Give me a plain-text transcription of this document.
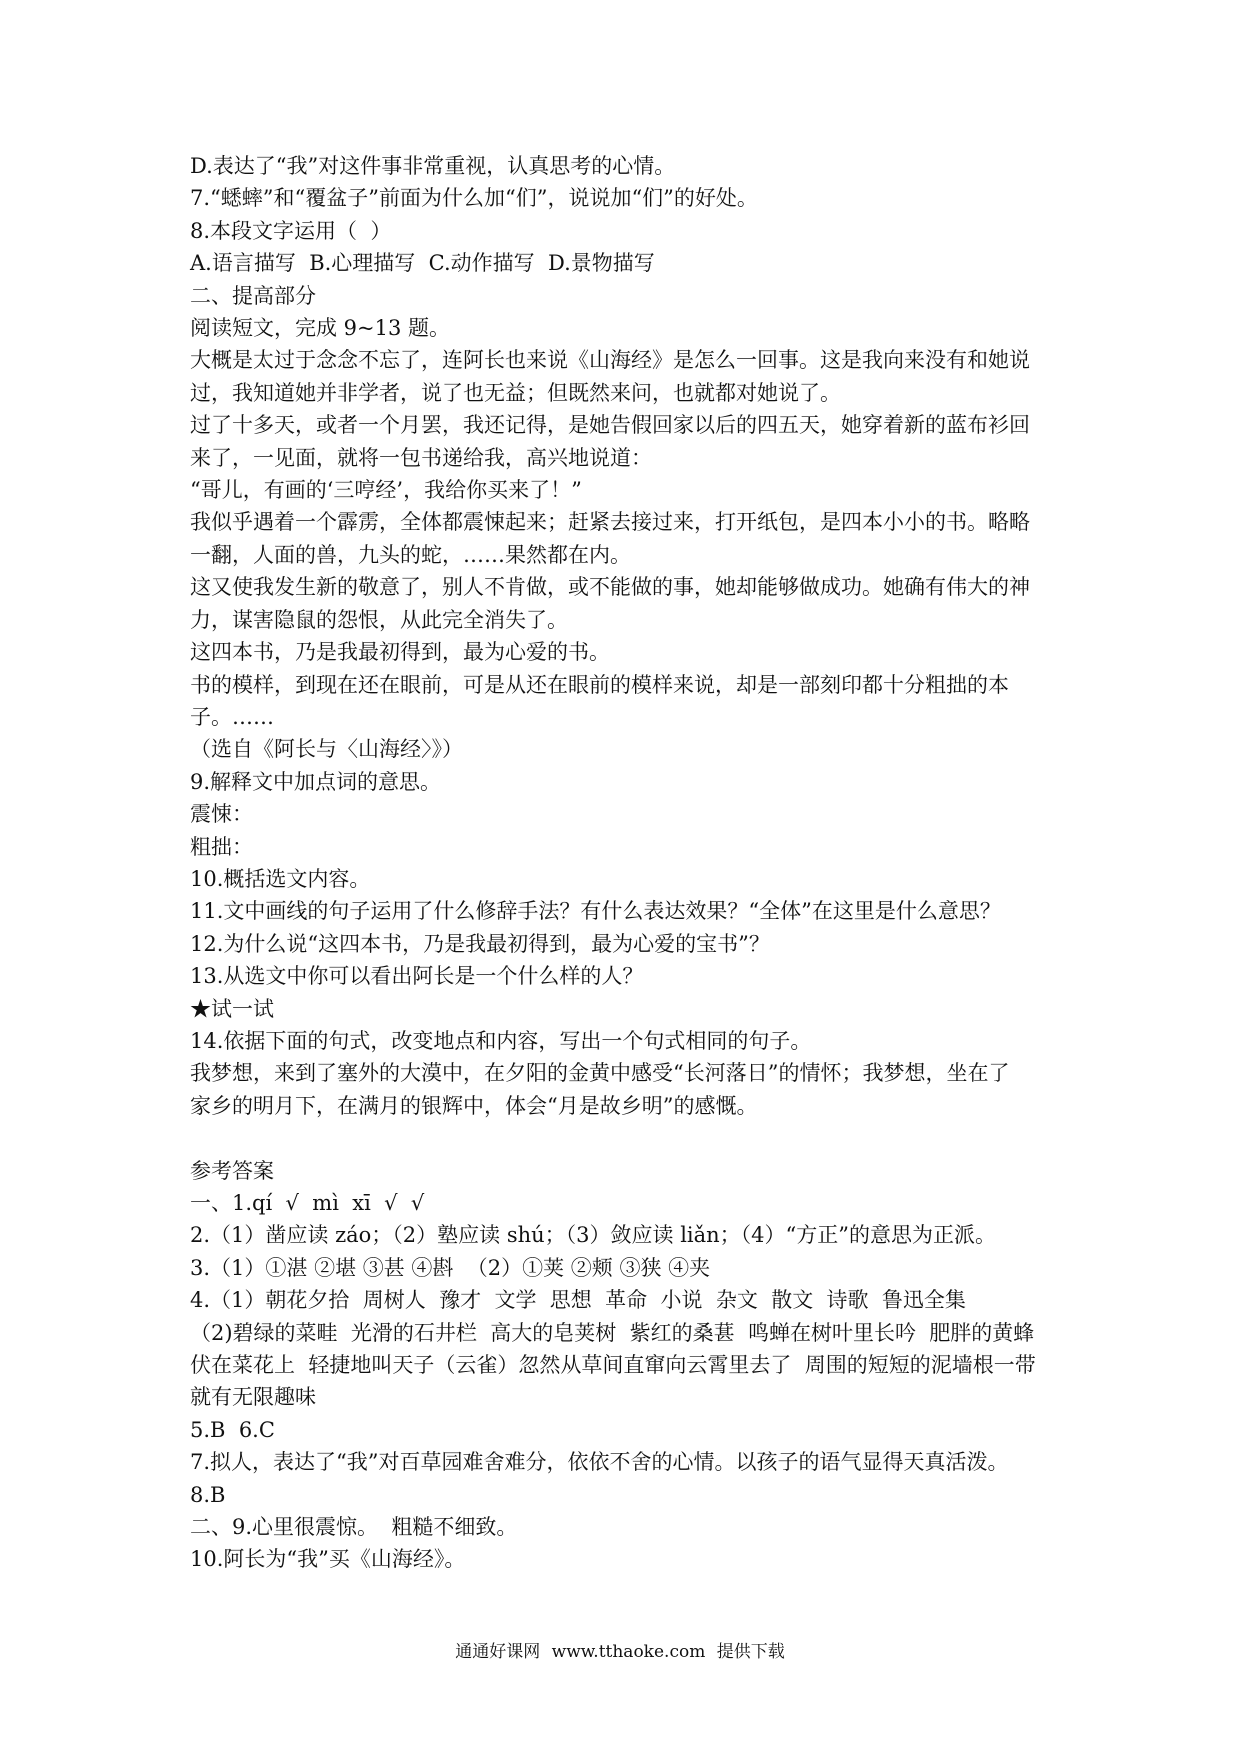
D.表达了“我”对这件事非常重视，认真思考的心情。

7.“蟋蟀”和“覆盆子”前面为什么加“们”，说说加“们”的好处。

8.本段文字运用（  ）

A.语言描写  B.心理描写  C.动作描写  D.景物描写

二、提高部分

阅读短文，完成 9~13 题。

大概是太过于念念不忘了，连阿长也来说《山海经》是怎么一回事。这是我向来没有和她说

过，我知道她并非学者，说了也无益；但既然来问，也就都对她说了。

过了十多天，或者一个月罢，我还记得，是她告假回家以后的四五天，她穿着新的蓝布衫回

来了，一见面，就将一包书递给我，高兴地说道：

“哥儿，有画的‘三哼经’，我给你买来了！”

我似乎遇着一个霹雳，全体都震悚起来；赶紧去接过来，打开纸包，是四本小小的书。略略

一翻，人面的兽，九头的蛇，……果然都在内。

这又使我发生新的敬意了，别人不肯做，或不能做的事，她却能够做成功。她确有伟大的神

力，谋害隐鼠的怨恨，从此完全消失了。

这四本书，乃是我最初得到，最为心爱的书。

书的模样，到现在还在眼前，可是从还在眼前的模样来说，却是一部刻印都十分粗拙的本

子。……

（选自《阿长与〈山海经〉》）

9.解释文中加点词的意思。

震悚：

粗拙：

10.概括选文内容。

11.文中画线的句子运用了什么修辞手法？有什么表达效果？“全体”在这里是什么意思？

12.为什么说“这四本书，乃是我最初得到，最为心爱的宝书”？

13.从选文中你可以看出阿长是一个什么样的人？

★试一试

14.依据下面的句式，改变地点和内容，写出一个句式相同的句子。

我梦想，来到了塞外的大漠中，在夕阳的金黄中感受“长河落日”的情怀；我梦想，坐在了

家乡的明月下，在满月的银辉中，体会“月是故乡明”的感慨。

参考答案

一、1.qí  √  mì  xī  √  √

2.（1）凿应读 záo；（2）塾应读 shú；（3）敛应读 liǎn；（4）“方正”的意思为正派。

3.（1）①湛 ②堪 ③甚 ④斟  （2）①荚 ②颊 ③狭 ④夹

4.（1）朝花夕拾  周树人  豫才  文学  思想  革命  小说  杂文  散文  诗歌  鲁迅全集

（2)碧绿的菜畦  光滑的石井栏  高大的皂荚树  紫红的桑葚  鸣蝉在树叶里长吟  肥胖的黄蜂

伏在菜花上  轻捷地叫天子（云雀）忽然从草间直窜向云霄里去了  周围的短短的泥墙根一带

就有无限趣味

5.B  6.C

7.拟人，表达了“我”对百草园难舍难分，依依不舍的心情。以孩子的语气显得天真活泼。

8.B

二、9.心里很震惊。  粗糙不细致。

10.阿长为“我”买《山海经》。

通通好课网 www.tthaoke.com 提供下载
